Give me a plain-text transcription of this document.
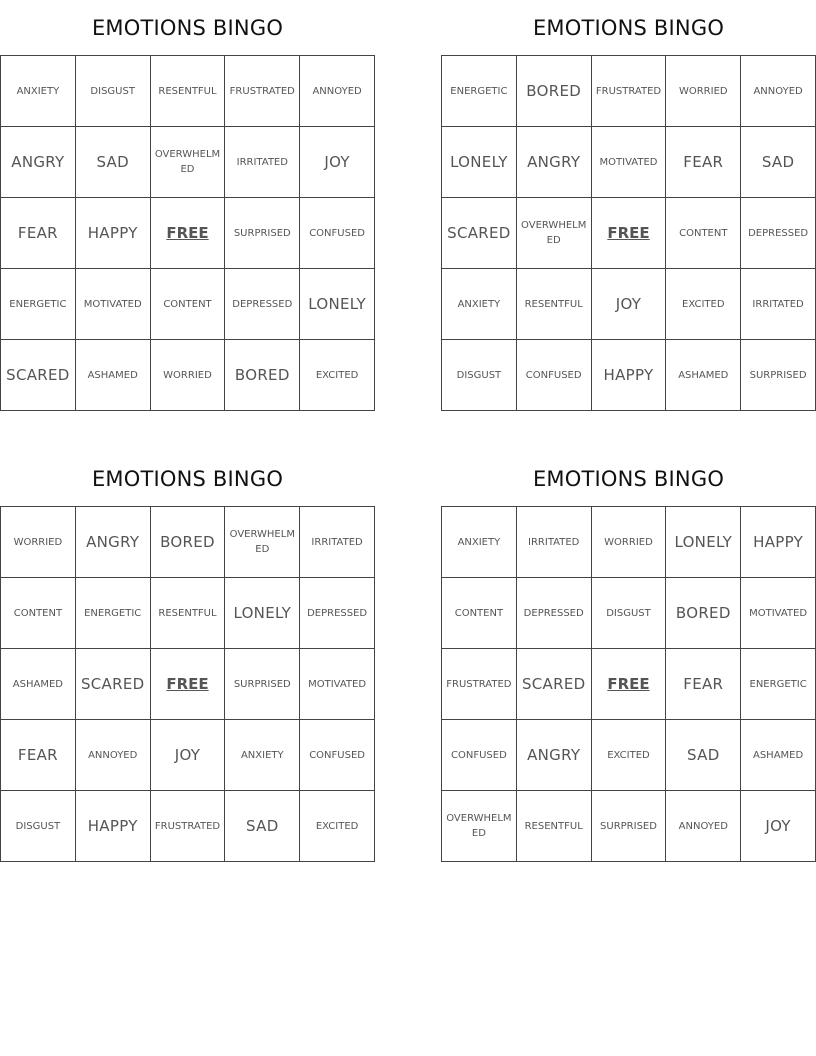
EMOTIONS BINGO
ANXIETY	DISGUST	RESENTFUL	FRUSTRATED	ANNOYED
ANGRY	SAD	OVERWHELMED	IRRITATED	JOY
FEAR	HAPPY	FREE	SURPRISED	CONFUSED
ENERGETIC	MOTIVATED	CONTENT	DEPRESSED	LONELY
SCARED	ASHAMED	WORRIED	BORED	EXCITED
EMOTIONS BINGO
ENERGETIC	BORED	FRUSTRATED	WORRIED	ANNOYED
LONELY	ANGRY	MOTIVATED	FEAR	SAD
SCARED	OVERWHELMED	FREE	CONTENT	DEPRESSED
ANXIETY	RESENTFUL	JOY	EXCITED	IRRITATED
DISGUST	CONFUSED	HAPPY	ASHAMED	SURPRISED
EMOTIONS BINGO
WORRIED	ANGRY	BORED	OVERWHELMED	IRRITATED
CONTENT	ENERGETIC	RESENTFUL	LONELY	DEPRESSED
ASHAMED	SCARED	FREE	SURPRISED	MOTIVATED
FEAR	ANNOYED	JOY	ANXIETY	CONFUSED
DISGUST	HAPPY	FRUSTRATED	SAD	EXCITED
EMOTIONS BINGO
ANXIETY	IRRITATED	WORRIED	LONELY	HAPPY
CONTENT	DEPRESSED	DISGUST	BORED	MOTIVATED
FRUSTRATED	SCARED	FREE	FEAR	ENERGETIC
CONFUSED	ANGRY	EXCITED	SAD	ASHAMED
OVERWHELMED	RESENTFUL	SURPRISED	ANNOYED	JOY
